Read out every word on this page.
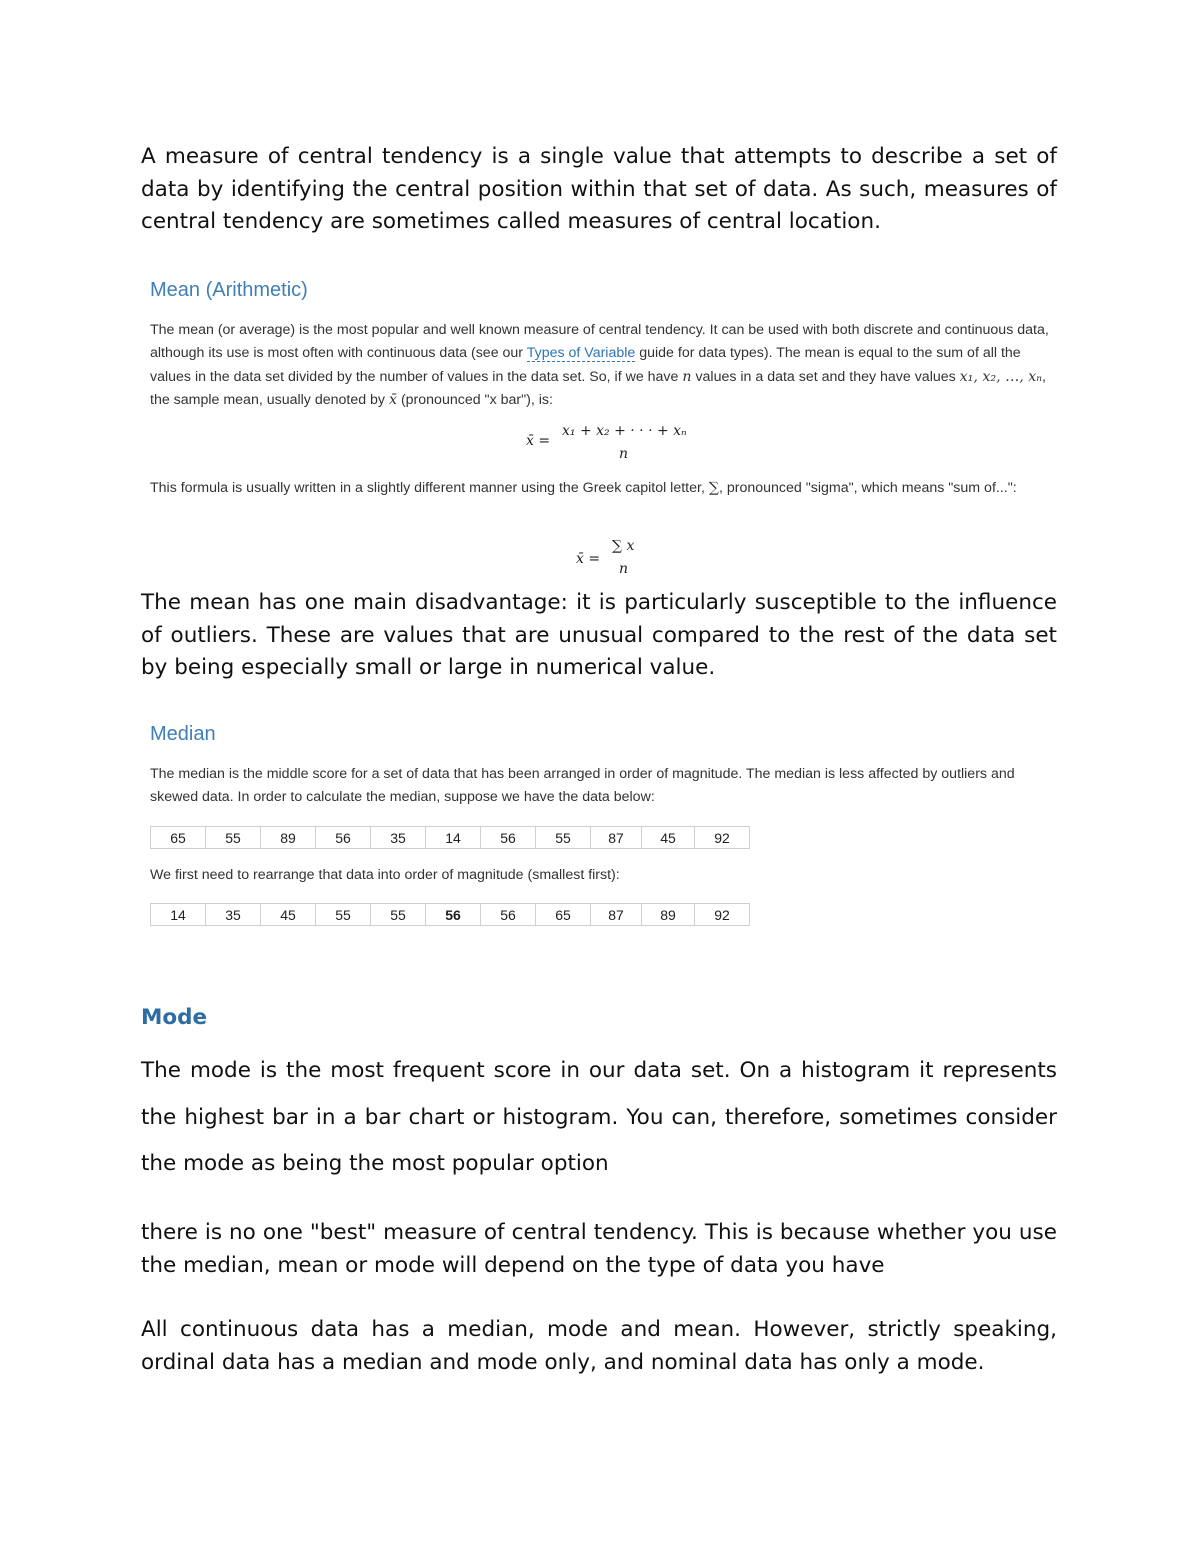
A measure of central tendency is a single value that attempts to describe a set of data by identifying the central position within that set of data. As such, measures of central tendency are sometimes called measures of central location.

Mean (Arithmetic)

The mean (or average) is the most popular and well known measure of central tendency. It can be used with both discrete and continuous data, although its use is most often with continuous data (see our Types of Variable guide for data types). The mean is equal to the sum of all the values in the data set divided by the number of values in the data set. So, if we have n values in a data set and they have values x₁, x₂, …, xₙ, the sample mean, usually denoted by x̄ (pronounced "x bar"), is:

x̄ =
x₁ + x₂ + · · · + xₙ
n

This formula is usually written in a slightly different manner using the Greek capitol letter, ∑, pronounced "sigma", which means "sum of...":

x̄ =
∑ x
n

The mean has one main disadvantage: it is particularly susceptible to the influence of outliers. These are values that are unusual compared to the rest of the data set by being especially small or large in numerical value.

Median

The median is the middle score for a set of data that has been arranged in order of magnitude. The median is less affected by outliers and skewed data. In order to calculate the median, suppose we have the data below:

65	55	89	56	35	14	56	55	87	45	92

We first need to rearrange that data into order of magnitude (smallest first):

14	35	45	55	55	56	56	65	87	89	92
Mode

The mode is the most frequent score in our data set. On a histogram it represents the highest bar in a bar chart or histogram. You can, therefore, sometimes consider the mode as being the most popular option

there is no one "best" measure of central tendency. This is because whether you use the median, mean or mode will depend on the type of data you have

All continuous data has a median, mode and mean. However, strictly speaking, ordinal data has a median and mode only, and nominal data has only a mode.
